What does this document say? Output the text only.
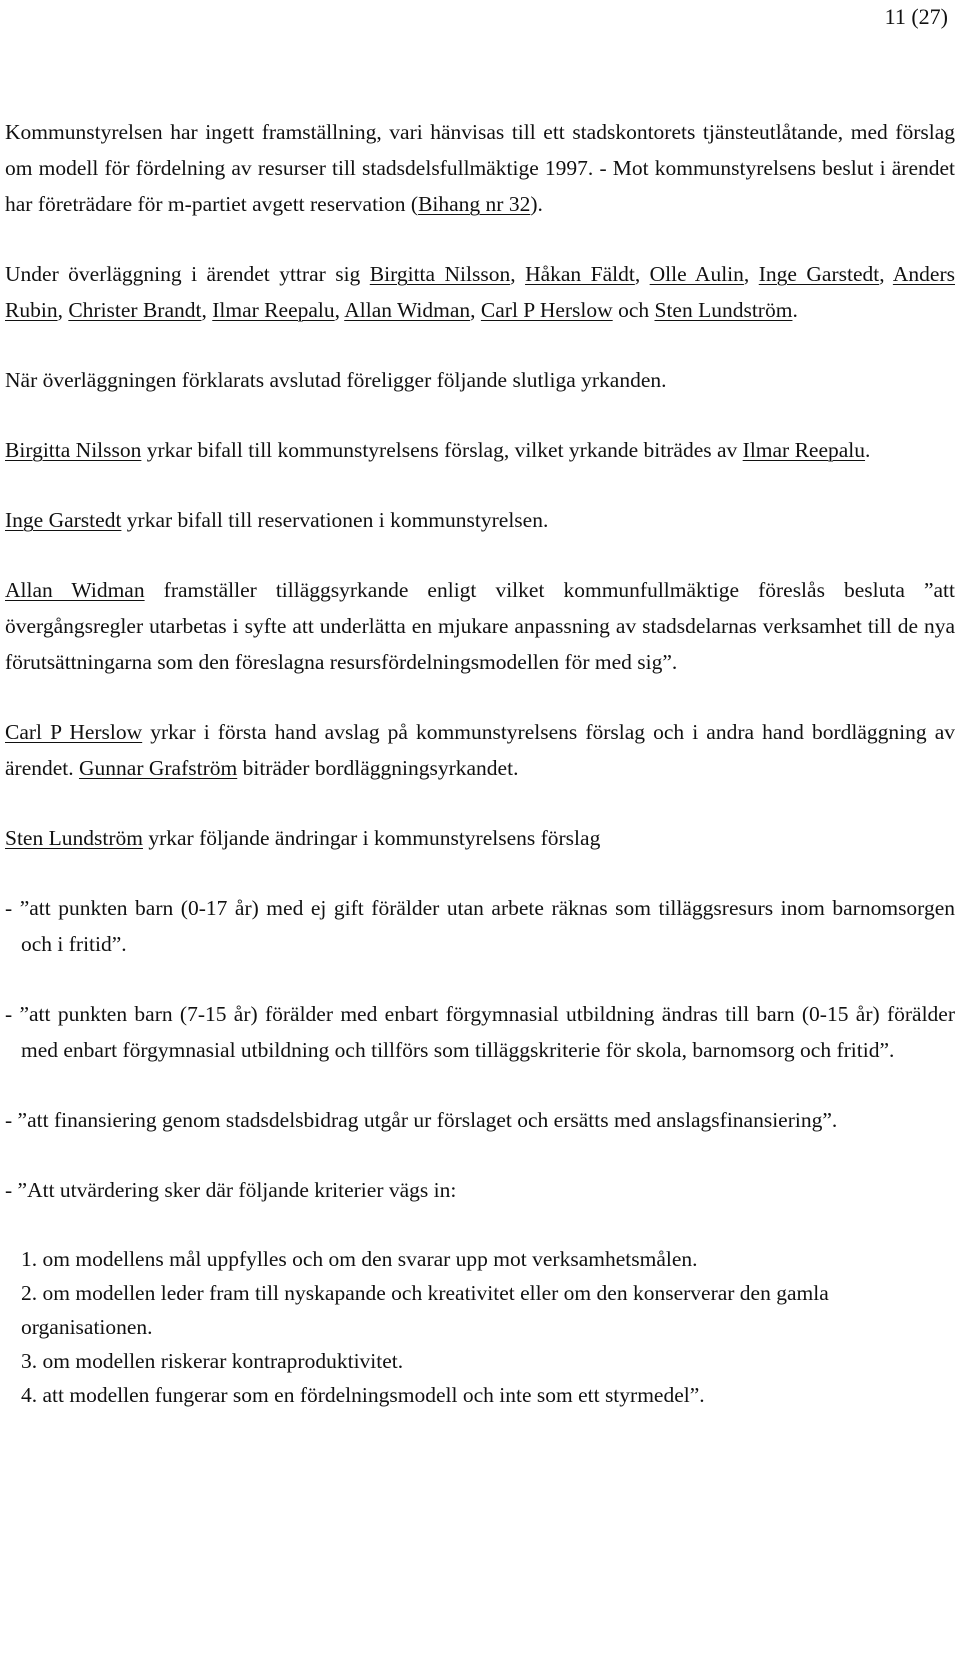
11 (27)

Kommunstyrelsen har ingett framställning, vari hänvisas till ett stadskontorets tjänsteutlåtande, med förslag om modell för fördelning av resurser till stadsdelsfullmäktige 1997. - Mot kommunstyrelsens beslut i ärendet har företrädare för m-partiet avgett reservation (Bihang nr 32).

Under överläggning i ärendet yttrar sig Birgitta Nilsson, Håkan Fäldt, Olle Aulin, Inge Garstedt, Anders Rubin, Christer Brandt, Ilmar Reepalu, Allan Widman, Carl P Herslow och Sten Lundström.

När överläggningen förklarats avslutad föreligger följande slutliga yrkanden.

Birgitta Nilsson yrkar bifall till kommunstyrelsens förslag, vilket yrkande biträdes av Ilmar Reepalu.

Inge Garstedt yrkar bifall till reservationen i kommunstyrelsen.

Allan Widman framställer tilläggsyrkande enligt vilket kommunfullmäktige föreslås besluta ”att övergångsregler utarbetas i syfte att underlätta en mjukare anpassning av stadsdelarnas verksamhet till de nya förutsättningarna som den föreslagna resursfördelningsmodellen för med sig”.

Carl P Herslow yrkar i första hand avslag på kommunstyrelsens förslag och i andra hand bordläggning av ärendet. Gunnar Grafström biträder bordläggningsyrkandet.

Sten Lundström yrkar följande ändringar i kommunstyrelsens förslag

- ”att punkten barn (0-17 år) med ej gift förälder utan arbete räknas som tilläggsresurs inom barnomsorgen och i fritid”.

- ”att punkten barn (7-15 år) förälder med enbart förgymnasial utbildning ändras till barn (0-15 år) förälder med enbart förgymnasial utbildning och tillförs som tilläggskriterie för skola, barnomsorg och fritid”.

- ”att finansiering genom stadsdelsbidrag utgår ur förslaget och ersätts med anslagsfinansiering”.

- ”Att utvärdering sker där följande kriterier vägs in:

1. om modellens mål uppfylles och om den svarar upp mot verksamhetsmålen.

2. om modellen leder fram till nyskapande och kreativitet eller om den konserverar den gamla organisationen.

3. om modellen riskerar kontraproduktivitet.

4. att modellen fungerar som en fördelningsmodell och inte som ett styrmedel”.
